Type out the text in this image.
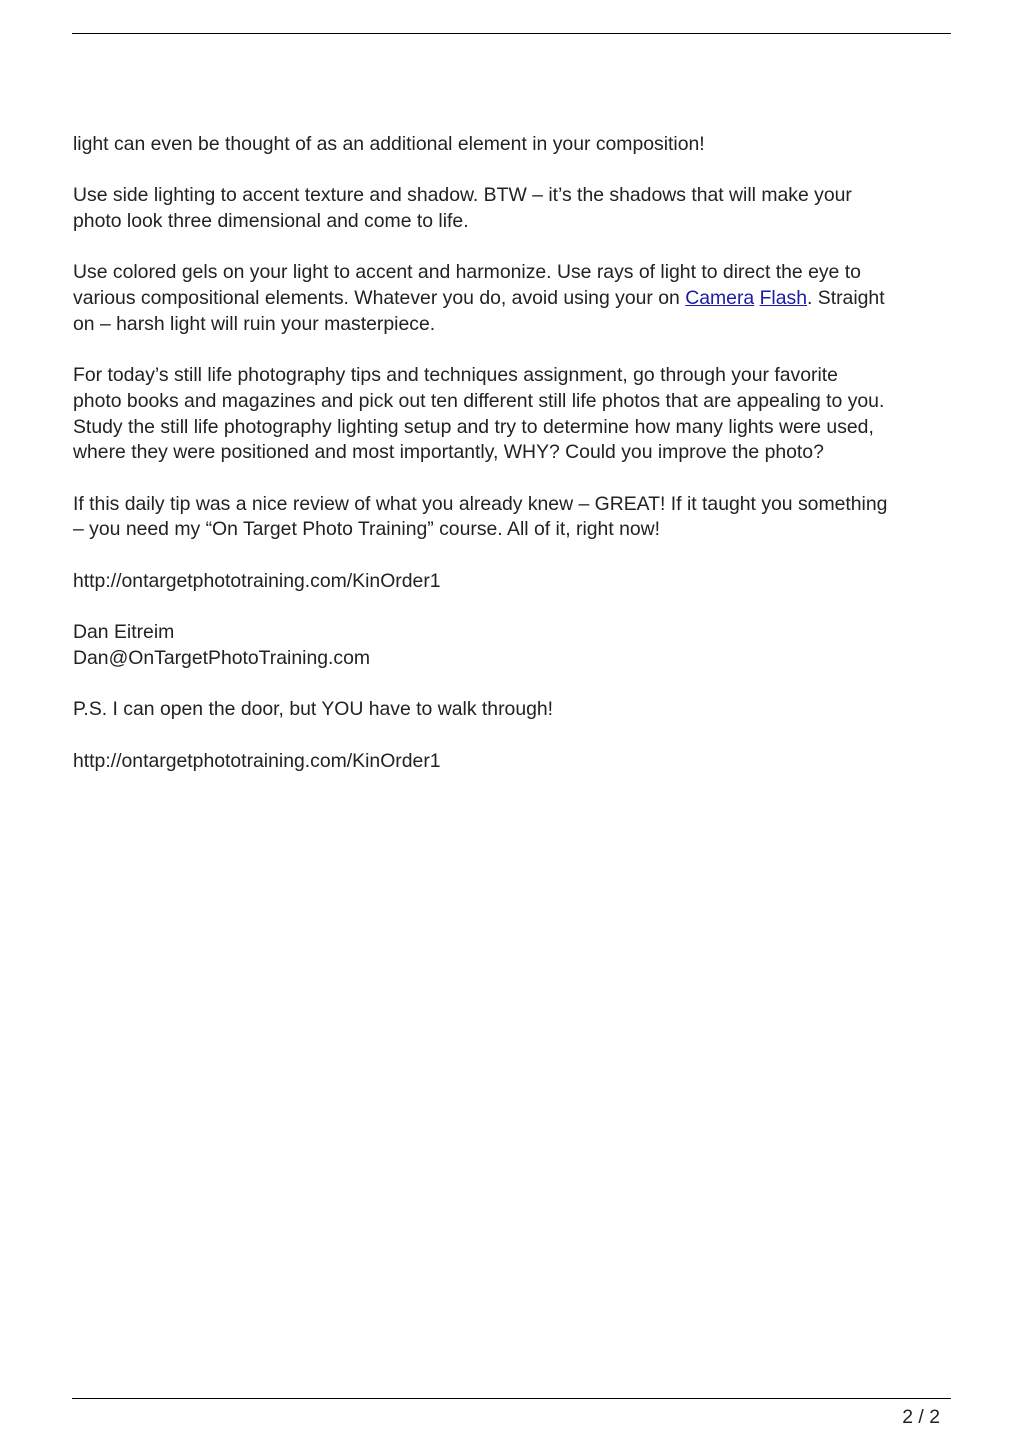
light can even be thought of as an additional element in your composition!

Use side lighting to accent texture and shadow. BTW – it’s the shadows that will make your
photo look three dimensional and come to life.

Use colored gels on your light to accent and harmonize. Use rays of light to direct the eye to
various compositional elements. Whatever you do, avoid using your on Camera Flash. Straight
on – harsh light will ruin your masterpiece.

For today’s still life photography tips and techniques assignment, go through your favorite
photo books and magazines and pick out ten different still life photos that are appealing to you.
Study the still life photography lighting setup and try to determine how many lights were used,
where they were positioned and most importantly, WHY? Could you improve the photo?

If this daily tip was a nice review of what you already knew – GREAT! If it taught you something
– you need my “On Target Photo Training” course. All of it, right now!

http://ontargetphototraining.com/KinOrder1

Dan Eitreim
Dan@OnTargetPhotoTraining.com

P.S. I can open the door, but YOU have to walk through!

http://ontargetphototraining.com/KinOrder1

2 / 2
